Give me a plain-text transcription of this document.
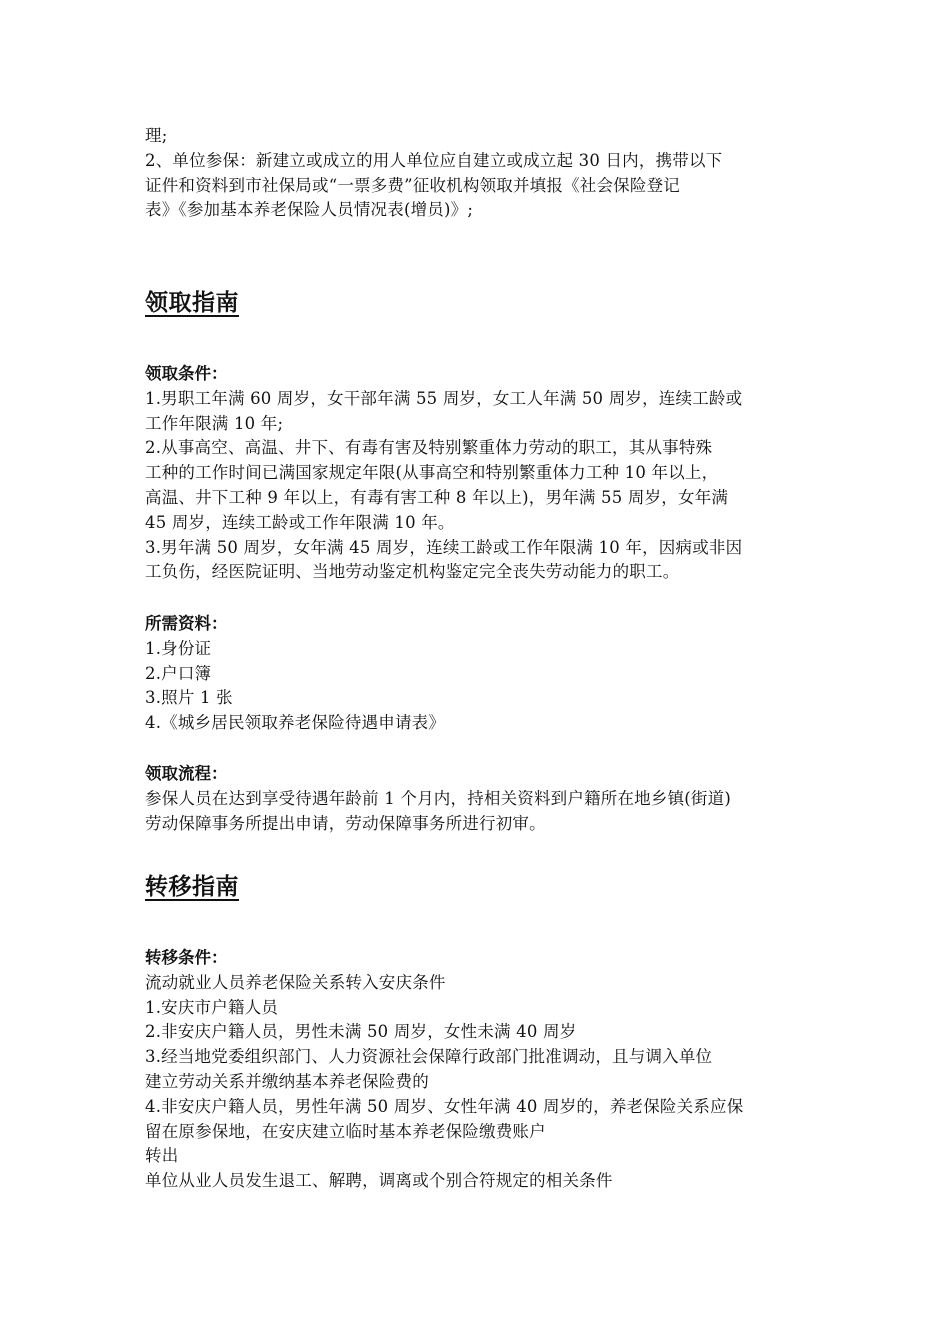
理;
2、单位参保：新建立或成立的用人单位应自建立或成立起 30 日内，携带以下
证件和资料到市社保局或“一票多费”征收机构领取并填报《社会保险登记
表》《参加基本养老保险人员情况表(增员)》;
领取指南
领取条件：
1.男职工年满 60 周岁，女干部年满 55 周岁，女工人年满 50 周岁，连续工龄或
工作年限满 10 年;
2.从事高空、高温、井下、有毒有害及特别繁重体力劳动的职工，其从事特殊
工种的工作时间已满国家规定年限(从事高空和特别繁重体力工种 10 年以上，
高温、井下工种 9 年以上，有毒有害工种 8 年以上)，男年满 55 周岁，女年满
45 周岁，连续工龄或工作年限满 10 年。
3.男年满 50 周岁，女年满 45 周岁，连续工龄或工作年限满 10 年，因病或非因
工负伤，经医院证明、当地劳动鉴定机构鉴定完全丧失劳动能力的职工。
所需资料：
1.身份证
2.户口簿
3.照片 1 张
4.《城乡居民领取养老保险待遇申请表》
领取流程：
参保人员在达到享受待遇年龄前 1 个月内，持相关资料到户籍所在地乡镇(街道)
劳动保障事务所提出申请，劳动保障事务所进行初审。
转移指南
转移条件：
流动就业人员养老保险关系转入安庆条件
1.安庆市户籍人员
2.非安庆户籍人员，男性未满 50 周岁，女性未满 40 周岁
3.经当地党委组织部门、人力资源社会保障行政部门批准调动，且与调入单位
建立劳动关系并缴纳基本养老保险费的
4.非安庆户籍人员，男性年满 50 周岁、女性年满 40 周岁的，养老保险关系应保
留在原参保地，在安庆建立临时基本养老保险缴费账户
转出
单位从业人员发生退工、解聘，调离或个别合符规定的相关条件
